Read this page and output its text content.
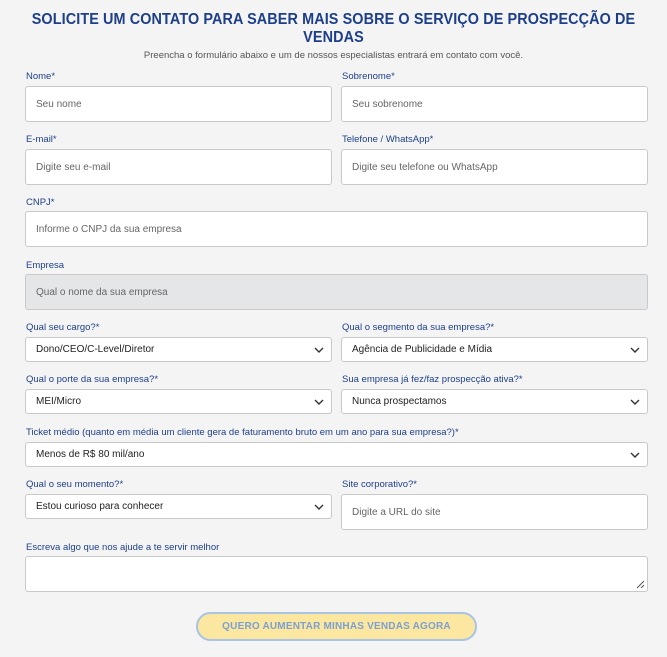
SOLICITE UM CONTATO PARA SABER MAIS SOBRE O SERVIÇO DE PROSPECÇÃO DE VENDAS
Preencha o formulário abaixo e um de nossos especialistas entrará em contato com você.
Nome*
Seu nome
Sobrenome*
Seu sobrenome
E-mail*
Digite seu e-mail
Telefone / WhatsApp*
Digite seu telefone ou WhatsApp
CNPJ*
Informe o CNPJ da sua empresa
Empresa
Qual o nome da sua empresa
Qual seu cargo?*
Dono/CEO/C-Level/Diretor
Qual o segmento da sua empresa?*
Agência de Publicidade e Mídia
Qual o porte da sua empresa?*
MEI/Micro
Sua empresa já fez/faz prospecção ativa?*
Nunca prospectamos
Ticket médio (quanto em média um cliente gera de faturamento bruto em um ano para sua empresa?)*
Menos de R$ 80 mil/ano
Qual o seu momento?*
Estou curioso para conhecer
Site corporativo?*
Digite a URL do site
Escreva algo que nos ajude a te servir melhor
QUERO AUMENTAR MINHAS VENDAS AGORA
